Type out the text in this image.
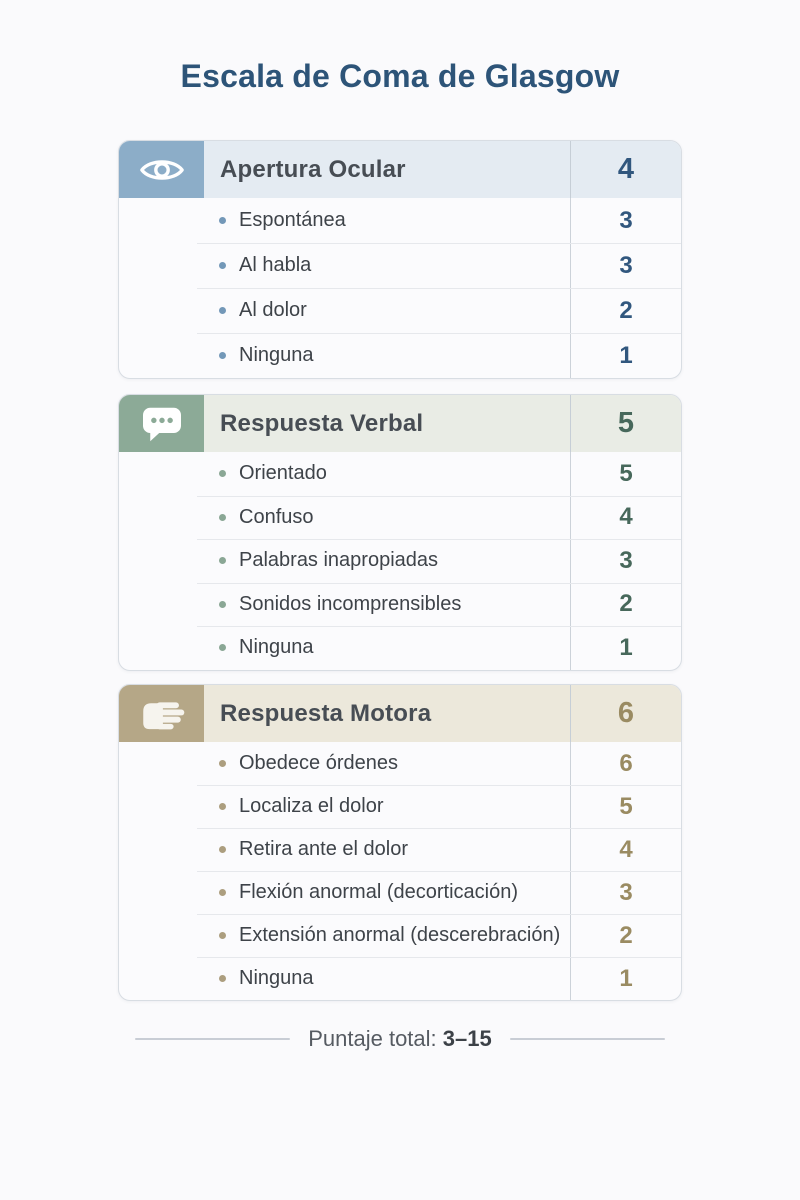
Escala de Coma de Glasgow
Apertura Ocular	4
Espontánea	3
Al habla	3
Al dolor	2
Ninguna	1
Respuesta Verbal	5
Orientado	5
Confuso	4
Palabras inapropiadas	3
Sonidos incomprensibles	2
Ninguna	1
Respuesta Motora	6
Obedece órdenes	6
Localiza el dolor	5
Retira ante el dolor	4
Flexión anormal (decorticación)	3
Extensión anormal (descerebración)	2
Ninguna	1
Puntaje total: 3–15
